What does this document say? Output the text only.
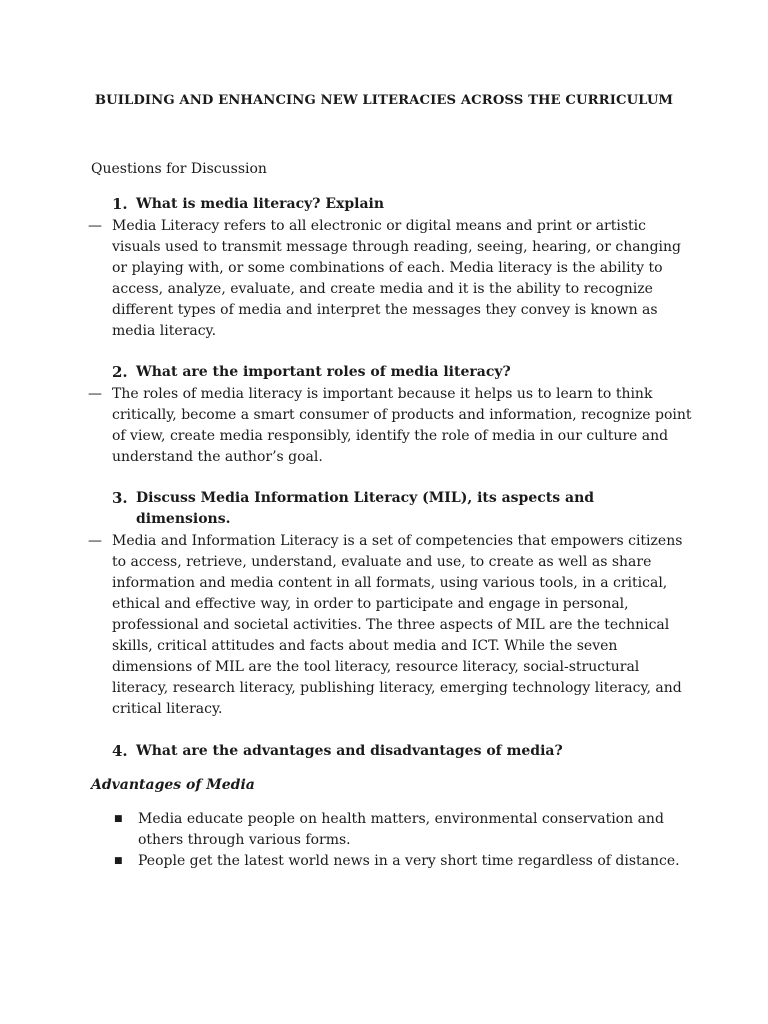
BUILDING AND ENHANCING NEW LITERACIES ACROSS THE CURRICULUM
Questions for Discussion
1. What is media literacy? Explain
— Media Literacy refers to all electronic or digital means and print or artistic visuals used to transmit message through reading, seeing, hearing, or changing or playing with, or some combinations of each. Media literacy is the ability to access, analyze, evaluate, and create media and it is the ability to recognize different types of media and interpret the messages they convey is known as media literacy.
2. What are the important roles of media literacy?
— The roles of media literacy is important because it helps us to learn to think critically, become a smart consumer of products and information, recognize point of view, create media responsibly, identify the role of media in our culture and understand the author’s goal.
3. Discuss Media Information Literacy (MIL), its aspects and dimensions.
— Media and Information Literacy is a set of competencies that empowers citizens to access, retrieve, understand, evaluate and use, to create as well as share information and media content in all formats, using various tools, in a critical, ethical and effective way, in order to participate and engage in personal, professional and societal activities. The three aspects of MIL are the technical skills, critical attitudes and facts about media and ICT. While the seven dimensions of MIL are the tool literacy, resource literacy, social-structural literacy, research literacy, publishing literacy, emerging technology literacy, and critical literacy.
4. What are the advantages and disadvantages of media?
Advantages of Media
■	Media educate people on health matters, environmental conservation and others through various forms.
■	People get the latest world news in a very short time regardless of distance.
